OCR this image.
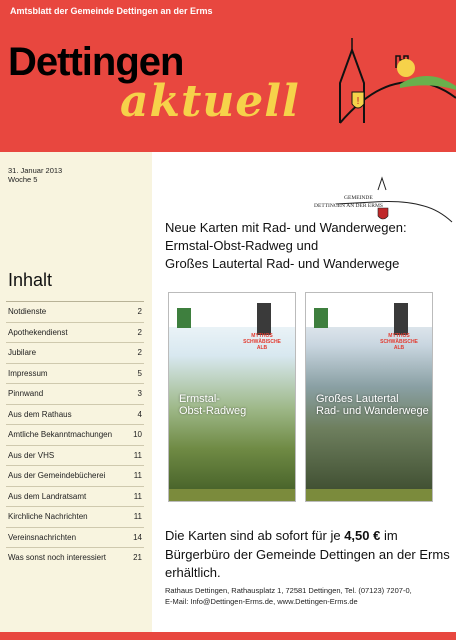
Amtsblatt der Gemeinde Dettingen an der Erms
Dettingen
aktuell	!
31. Januar 2013
Woche 5
Inhalt
Notdienste	2
Apothekendienst	2
Jubilare	2
Impressum	5
Pinnwand	3
Aus dem Rathaus	4
Amtliche Bekanntmachungen	10
Aus der VHS	11
Aus der Gemeindebücherei	11
Aus dem Landratsamt	11
Kirchliche Nachrichten	11
Vereinsnachrichten	14
Was sonst noch interessiert	21
GEMEINDE
DETTINGEN AN DER ERMS
Neue Karten mit Rad- und Wanderwegen:
Ermstal-Obst-Radweg und
Großes Lautertal Rad- und Wanderwege
MYTHOS SCHWÄBISCHE ALB
Ermstal-
Obst-Radweg
MYTHOS SCHWÄBISCHE ALB
Großes Lautertal
Rad- und Wanderwege
Die Karten sind ab sofort für je 4,50 € im Bürgerbüro der Gemeinde Dettingen an der Erms erhältlich.
Rathaus Dettingen, Rathausplatz 1, 72581 Dettingen, Tel. (07123) 7207-0,
E-Mail: Info@Dettingen-Erms.de, www.Dettingen-Erms.de
